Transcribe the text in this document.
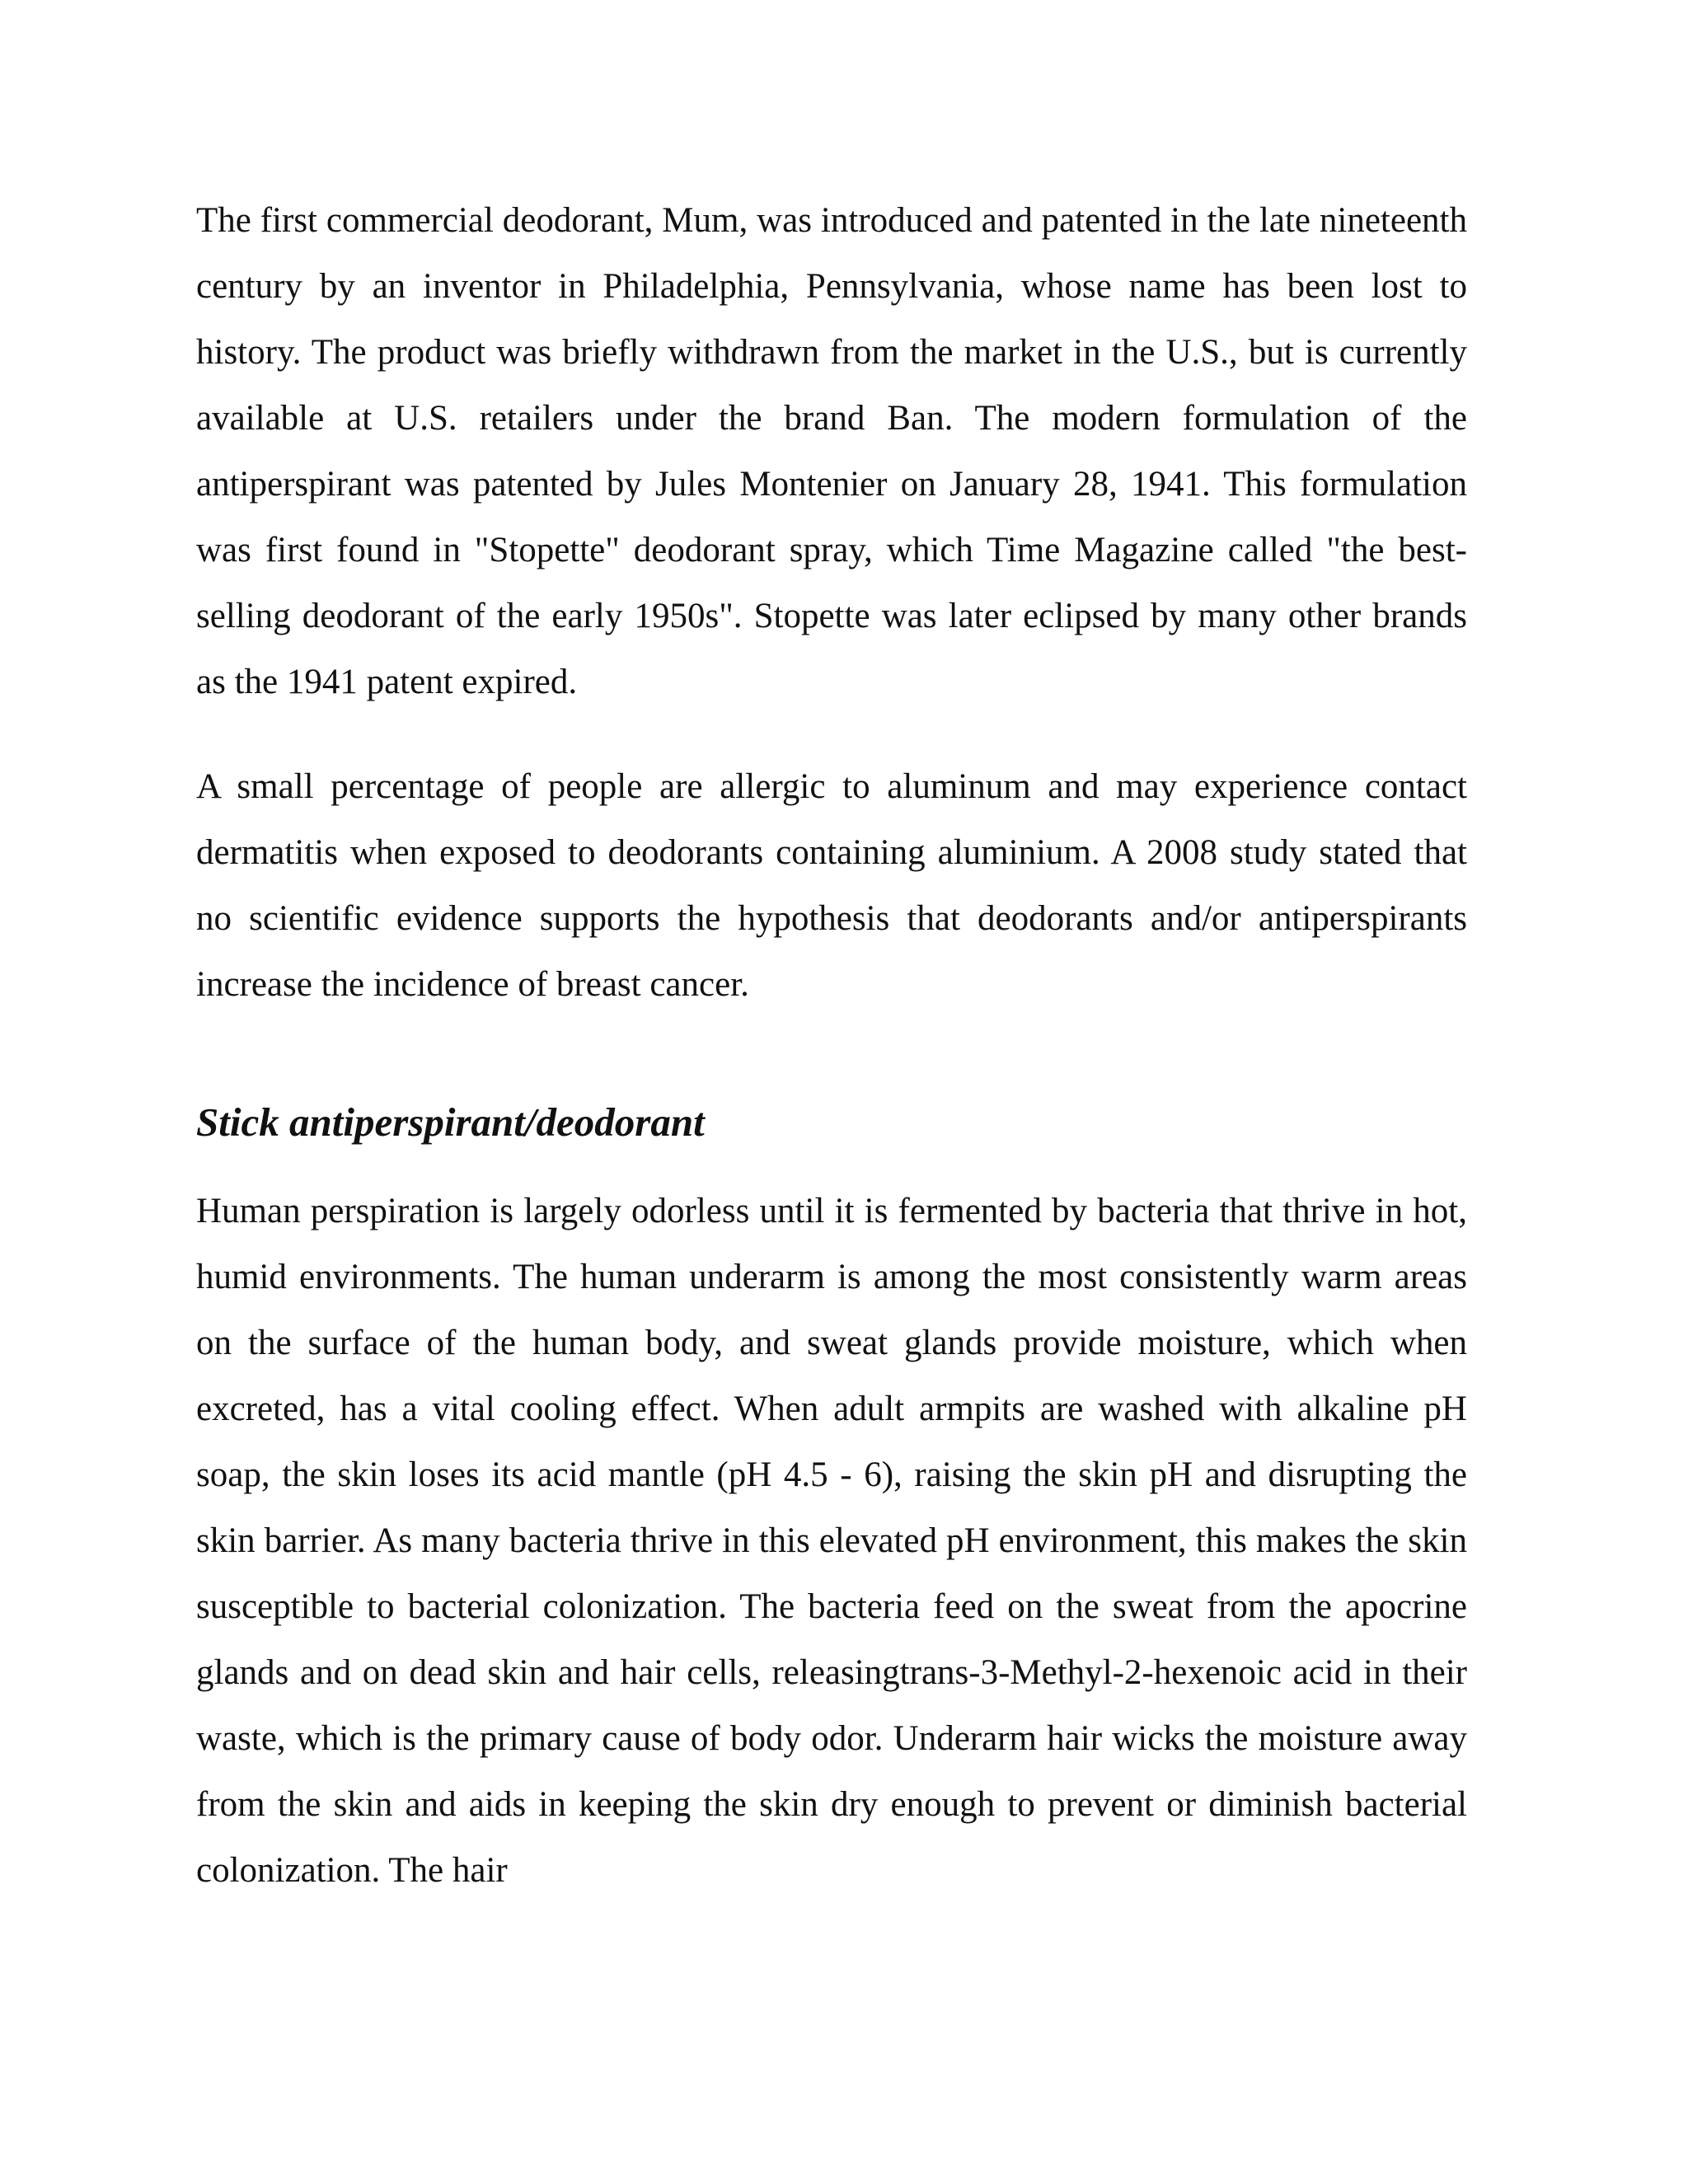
The first commercial deodorant, Mum, was introduced and patented in the late nineteenth century by an inventor in Philadelphia, Pennsylvania, whose name has been lost to history. The product was briefly withdrawn from the market in the U.S., but is currently available at U.S. retailers under the brand Ban. The modern formulation of the antiperspirant was patented by Jules Montenier on January 28, 1941. This formulation was first found in "Stopette" deodorant spray, which Time Magazine called "the best-selling deodorant of the early 1950s". Stopette was later eclipsed by many other brands as the 1941 patent expired.

A small percentage of people are allergic to aluminum and may experience contact dermatitis when exposed to deodorants containing aluminium. A 2008 study stated that no scientific evidence supports the hypothesis that deodorants and/or antiperspirants increase the incidence of breast cancer.

Stick antiperspirant/deodorant

Human perspiration is largely odorless until it is fermented by bacteria that thrive in hot, humid environments. The human underarm is among the most consistently warm areas on the surface of the human body, and sweat glands provide moisture, which when excreted, has a vital cooling effect. When adult armpits are washed with alkaline pH soap, the skin loses its acid mantle (pH 4.5 - 6), raising the skin pH and disrupting the skin barrier. As many bacteria thrive in this elevated pH environment, this makes the skin susceptible to bacterial colonization. The bacteria feed on the sweat from the apocrine glands and on dead skin and hair cells, releasingtrans-3-Methyl-2-hexenoic acid in their waste, which is the primary cause of body odor. Underarm hair wicks the moisture away from the skin and aids in keeping the skin dry enough to prevent or diminish bacterial colonization. The hair
